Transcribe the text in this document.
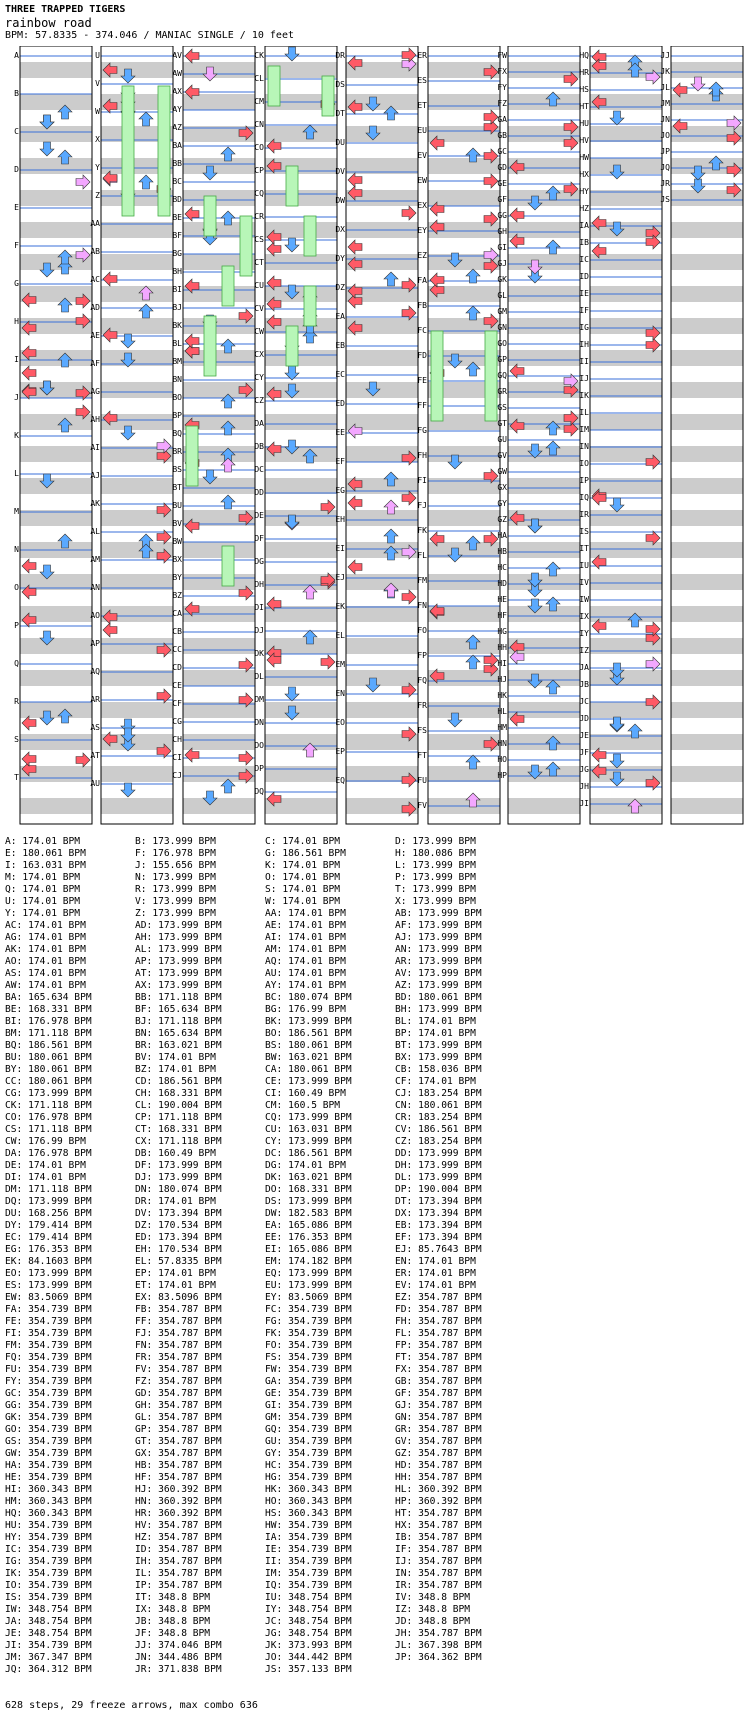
THREE TRAPPED TIGERS
rainbow road
BPM: 57.8335 - 374.046 / MANIAC SINGLE / 10 feet
A
B
C
D
E
F
G
H
I
J
K
L
M
N
O
P
Q
R
S
T
U
V
W
X
Y
Z
AA
AB
AC
AD
AE
AF
AG
AH
AI
AJ
AK
AL
AM
AN
AO
AP
AQ
AR
AS
AT
AU
AV
AW
AX
AY
AZ
BA
BB
BC
BD
BE
BF
BG
BH
BI
BJ
BK
BL
BM
BN
BO
BP
BQ
BR
BS
BT
BU
BV
BW
BX
BY
BZ
CA
CB
CC
CD
CE
CF
CG
CH
CI
CJ
CK
CL
CM
CN
CO
CP
CQ
CR
CS
CT
CU
CV
CW
CX
CY
CZ
DA
DB
DC
DD
DE
DF
DG
DH
DI
DJ
DK
DL
DM
DN
DO
DP
DQ
DR
DS
DT
DU
DV
DW
DX
DY
DZ
EA
EB
EC
ED
EE
EF
EG
EH
EI
EJ
EK
EL
EM
EN
EO
EP
EQ
ER
ES
ET
EU
EV
EW
EX
EY
EZ
FA
FB
FC
FD
FE
FF
FG
FH
FI
FJ
FK
FL
FM
FN
FO
FP
FQ
FR
FS
FT
FU
FV
FW
FX
FY
FZ
GA
GB
GC
GD
GE
GF
GG
GH
GI
GJ
GK
GL
GM
GN
GO
GP
GQ
GR
GS
GT
GU
GV
GW
GX
GY
GZ
HA
HB
HC
HD
HE
HF
HG
HH
HI
HJ
HK
HL
HM
HN
HO
HP
HQ
HR
HS
HT
HU
HV
HW
HX
HY
HZ
IA
IB
IC
ID
IE
IF
IG
IH
II
IJ
IK
IL
IM
IN
IO
IP
IQ
IR
IS
IT
IU
IV
IW
IX
IY
IZ
JA
JB
JC
JD
JE
JF
JG
JH
JI
JJ
JK
JL
JM
JN
JO
JP
JQ
JR
JS
A: 174.01 BPM	B: 173.999 BPM	C: 174.01 BPM	D: 173.999 BPM
E: 180.061 BPM	F: 176.978 BPM	G: 186.561 BPM	H: 180.086 BPM
I: 163.031 BPM	J: 155.656 BPM	K: 174.01 BPM	L: 173.999 BPM
M: 174.01 BPM	N: 173.999 BPM	O: 174.01 BPM	P: 173.999 BPM
Q: 174.01 BPM	R: 173.999 BPM	S: 174.01 BPM	T: 173.999 BPM
U: 174.01 BPM	V: 173.999 BPM	W: 174.01 BPM	X: 173.999 BPM
Y: 174.01 BPM	Z: 173.999 BPM	AA: 174.01 BPM	AB: 173.999 BPM
AC: 174.01 BPM	AD: 173.999 BPM	AE: 174.01 BPM	AF: 173.999 BPM
AG: 174.01 BPM	AH: 173.999 BPM	AI: 174.01 BPM	AJ: 173.999 BPM
AK: 174.01 BPM	AL: 173.999 BPM	AM: 174.01 BPM	AN: 173.999 BPM
AO: 174.01 BPM	AP: 173.999 BPM	AQ: 174.01 BPM	AR: 173.999 BPM
AS: 174.01 BPM	AT: 173.999 BPM	AU: 174.01 BPM	AV: 173.999 BPM
AW: 174.01 BPM	AX: 173.999 BPM	AY: 174.01 BPM	AZ: 173.999 BPM
BA: 165.634 BPM	BB: 171.118 BPM	BC: 180.074 BPM	BD: 180.061 BPM
BE: 168.331 BPM	BF: 165.634 BPM	BG: 176.99 BPM	BH: 173.999 BPM
BI: 176.978 BPM	BJ: 171.118 BPM	BK: 173.999 BPM	BL: 174.01 BPM
BM: 171.118 BPM	BN: 165.634 BPM	BO: 186.561 BPM	BP: 174.01 BPM
BQ: 186.561 BPM	BR: 163.021 BPM	BS: 180.061 BPM	BT: 173.999 BPM
BU: 180.061 BPM	BV: 174.01 BPM	BW: 163.021 BPM	BX: 173.999 BPM
BY: 180.061 BPM	BZ: 174.01 BPM	CA: 180.061 BPM	CB: 158.036 BPM
CC: 180.061 BPM	CD: 186.561 BPM	CE: 173.999 BPM	CF: 174.01 BPM
CG: 173.999 BPM	CH: 168.331 BPM	CI: 160.49 BPM	CJ: 183.254 BPM
CK: 171.118 BPM	CL: 190.004 BPM	CM: 160.5 BPM	CN: 180.061 BPM
CO: 176.978 BPM	CP: 171.118 BPM	CQ: 173.999 BPM	CR: 183.254 BPM
CS: 171.118 BPM	CT: 168.331 BPM	CU: 163.031 BPM	CV: 186.561 BPM
CW: 176.99 BPM	CX: 171.118 BPM	CY: 173.999 BPM	CZ: 183.254 BPM
DA: 176.978 BPM	DB: 160.49 BPM	DC: 186.561 BPM	DD: 173.999 BPM
DE: 174.01 BPM	DF: 173.999 BPM	DG: 174.01 BPM	DH: 173.999 BPM
DI: 174.01 BPM	DJ: 173.999 BPM	DK: 163.021 BPM	DL: 173.999 BPM
DM: 171.118 BPM	DN: 180.074 BPM	DO: 168.331 BPM	DP: 190.004 BPM
DQ: 173.999 BPM	DR: 174.01 BPM	DS: 173.999 BPM	DT: 173.394 BPM
DU: 168.256 BPM	DV: 173.394 BPM	DW: 182.583 BPM	DX: 173.394 BPM
DY: 179.414 BPM	DZ: 170.534 BPM	EA: 165.086 BPM	EB: 173.394 BPM
EC: 179.414 BPM	ED: 173.394 BPM	EE: 176.353 BPM	EF: 173.394 BPM
EG: 176.353 BPM	EH: 170.534 BPM	EI: 165.086 BPM	EJ: 85.7643 BPM
EK: 84.1603 BPM	EL: 57.8335 BPM	EM: 174.182 BPM	EN: 174.01 BPM
EO: 173.999 BPM	EP: 174.01 BPM	EQ: 173.999 BPM	ER: 174.01 BPM
ES: 173.999 BPM	ET: 174.01 BPM	EU: 173.999 BPM	EV: 174.01 BPM
EW: 83.5069 BPM	EX: 83.5096 BPM	EY: 83.5069 BPM	EZ: 354.787 BPM
FA: 354.739 BPM	FB: 354.787 BPM	FC: 354.739 BPM	FD: 354.787 BPM
FE: 354.739 BPM	FF: 354.787 BPM	FG: 354.739 BPM	FH: 354.787 BPM
FI: 354.739 BPM	FJ: 354.787 BPM	FK: 354.739 BPM	FL: 354.787 BPM
FM: 354.739 BPM	FN: 354.787 BPM	FO: 354.739 BPM	FP: 354.787 BPM
FQ: 354.739 BPM	FR: 354.787 BPM	FS: 354.739 BPM	FT: 354.787 BPM
FU: 354.739 BPM	FV: 354.787 BPM	FW: 354.739 BPM	FX: 354.787 BPM
FY: 354.739 BPM	FZ: 354.787 BPM	GA: 354.739 BPM	GB: 354.787 BPM
GC: 354.739 BPM	GD: 354.787 BPM	GE: 354.739 BPM	GF: 354.787 BPM
GG: 354.739 BPM	GH: 354.787 BPM	GI: 354.739 BPM	GJ: 354.787 BPM
GK: 354.739 BPM	GL: 354.787 BPM	GM: 354.739 BPM	GN: 354.787 BPM
GO: 354.739 BPM	GP: 354.787 BPM	GQ: 354.739 BPM	GR: 354.787 BPM
GS: 354.739 BPM	GT: 354.787 BPM	GU: 354.739 BPM	GV: 354.787 BPM
GW: 354.739 BPM	GX: 354.787 BPM	GY: 354.739 BPM	GZ: 354.787 BPM
HA: 354.739 BPM	HB: 354.787 BPM	HC: 354.739 BPM	HD: 354.787 BPM
HE: 354.739 BPM	HF: 354.787 BPM	HG: 354.739 BPM	HH: 354.787 BPM
HI: 360.343 BPM	HJ: 360.392 BPM	HK: 360.343 BPM	HL: 360.392 BPM
HM: 360.343 BPM	HN: 360.392 BPM	HO: 360.343 BPM	HP: 360.392 BPM
HQ: 360.343 BPM	HR: 360.392 BPM	HS: 360.343 BPM	HT: 354.787 BPM
HU: 354.739 BPM	HV: 354.787 BPM	HW: 354.739 BPM	HX: 354.787 BPM
HY: 354.739 BPM	HZ: 354.787 BPM	IA: 354.739 BPM	IB: 354.787 BPM
IC: 354.739 BPM	ID: 354.787 BPM	IE: 354.739 BPM	IF: 354.787 BPM
IG: 354.739 BPM	IH: 354.787 BPM	II: 354.739 BPM	IJ: 354.787 BPM
IK: 354.739 BPM	IL: 354.787 BPM	IM: 354.739 BPM	IN: 354.787 BPM
IO: 354.739 BPM	IP: 354.787 BPM	IQ: 354.739 BPM	IR: 354.787 BPM
IS: 354.739 BPM	IT: 348.8 BPM	IU: 348.754 BPM	IV: 348.8 BPM
IW: 348.754 BPM	IX: 348.8 BPM	IY: 348.754 BPM	IZ: 348.8 BPM
JA: 348.754 BPM	JB: 348.8 BPM	JC: 348.754 BPM	JD: 348.8 BPM
JE: 348.754 BPM	JF: 348.8 BPM	JG: 348.754 BPM	JH: 354.787 BPM
JI: 354.739 BPM	JJ: 374.046 BPM	JK: 373.993 BPM	JL: 367.398 BPM
JM: 367.347 BPM	JN: 344.486 BPM	JO: 344.442 BPM	JP: 364.362 BPM
JQ: 364.312 BPM	JR: 371.838 BPM	JS: 357.133 BPM
628 steps, 29 freeze arrows, max combo 636
